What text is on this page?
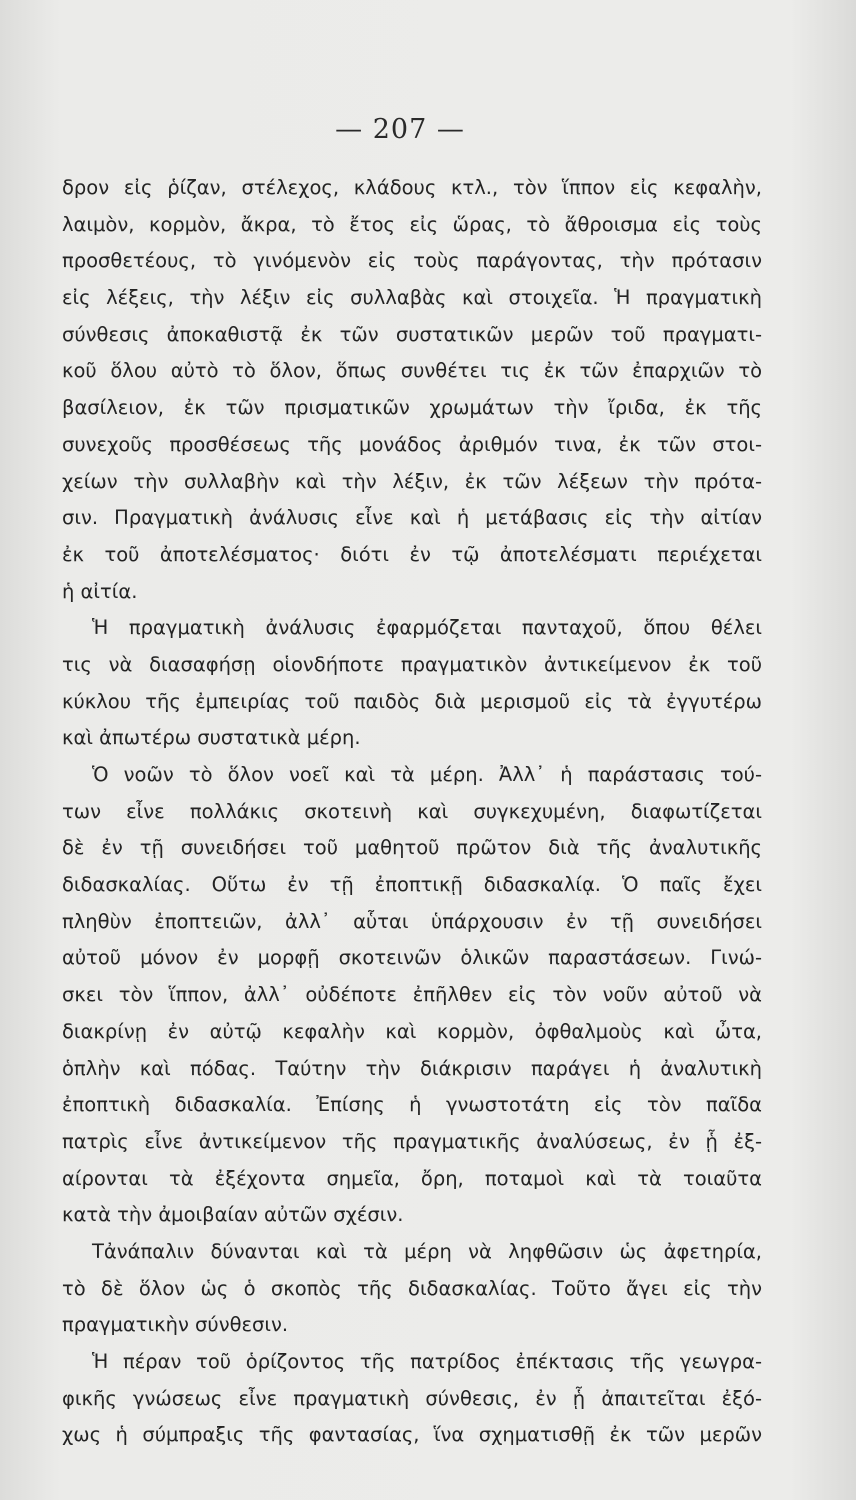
— 207 —
δρον εἰς ῥίζαν, στέλεχος, κλάδους κτλ., τὸν ἵππον εἰς κεφαλὴν,
λαιμὸν, κορμὸν, ἄκρα, τὸ ἔτος εἰς ὥρας, τὸ ἄθροισμα εἰς τοὺς
προσθετέους, τὸ γινόμενὸν εἰς τοὺς παράγοντας, τὴν πρότασιν
εἰς λέξεις, τὴν λέξιν εἰς συλλαβὰς καὶ στοιχεῖα. Ἡ πραγματικὴ
σύνθεσις ἀποκαθιστᾷ ἐκ τῶν συστατικῶν μερῶν τοῦ πραγματι-
κοῦ ὅλου αὐτὸ τὸ ὅλον, ὅπως συνθέτει τις ἐκ τῶν ἐπαρχιῶν τὸ
βασίλειον, ἐκ τῶν πρισματικῶν χρωμάτων τὴν ἴριδα, ἐκ τῆς
συνεχοῦς προσθέσεως τῆς μονάδος ἀριθμόν τινα, ἐκ τῶν στοι-
χείων τὴν συλλαβὴν καὶ τὴν λέξιν, ἐκ τῶν λέξεων τὴν πρότα-
σιν. Πραγματικὴ ἀνάλυσις εἶνε καὶ ἡ μετάβασις εἰς τὴν αἰτίαν
ἐκ τοῦ ἀποτελέσματος· διότι ἐν τῷ ἀποτελέσματι περιέχεται
ἡ αἰτία.
Ἡ πραγματικὴ ἀνάλυσις ἐφαρμόζεται πανταχοῦ, ὅπου θέλει
τις νὰ διασαφήσῃ οἱονδήποτε πραγματικὸν ἀντικείμενον ἐκ τοῦ
κύκλου τῆς ἐμπειρίας τοῦ παιδὸς διὰ μερισμοῦ εἰς τὰ ἐγγυτέρω
καὶ ἀπωτέρω συστατικὰ μέρη.
Ὁ νοῶν τὸ ὅλον νοεῖ καὶ τὰ μέρη. Ἀλλ᾽ ἡ παράστασις τού-
των εἶνε πολλάκις σκοτεινὴ καὶ συγκεχυμένη, διαφωτίζεται
δὲ ἐν τῇ συνειδήσει τοῦ μαθητοῦ πρῶτον διὰ τῆς ἀναλυτικῆς
διδασκαλίας. Οὕτω ἐν τῇ ἐποπτικῇ διδασκαλίᾳ. Ὁ παῖς ἔχει
πληθὺν ἐποπτειῶν, ἀλλ᾽ αὗται ὑπάρχουσιν ἐν τῇ συνειδήσει
αὐτοῦ μόνον ἐν μορφῇ σκοτεινῶν ὁλικῶν παραστάσεων. Γινώ-
σκει τὸν ἵππον, ἀλλ᾽ οὐδέποτε ἐπῆλθεν εἰς τὸν νοῦν αὐτοῦ νὰ
διακρίνῃ ἐν αὐτῷ κεφαλὴν καὶ κορμὸν, ὀφθαλμοὺς καὶ ὦτα,
ὁπλὴν καὶ πόδας. Ταύτην τὴν διάκρισιν παράγει ἡ ἀναλυτικὴ
ἐποπτικὴ διδασκαλία. Ἐπίσης ἡ γνωστοτάτη εἰς τὸν παῖδα
πατρὶς εἶνε ἀντικείμενον τῆς πραγματικῆς ἀναλύσεως, ἐν ᾗ ἐξ-
αίρονται τὰ ἐξέχοντα σημεῖα, ὄρη, ποταμοὶ καὶ τὰ τοιαῦτα
κατὰ τὴν ἀμοιβαίαν αὐτῶν σχέσιν.
Τἀνάπαλιν δύνανται καὶ τὰ μέρη νὰ ληφθῶσιν ὡς ἀφετηρία,
τὸ δὲ ὅλον ὡς ὁ σκοπὸς τῆς διδασκαλίας. Τοῦτο ἄγει εἰς τὴν
πραγματικὴν σύνθεσιν.
Ἡ πέραν τοῦ ὁρίζοντος τῆς πατρίδος ἐπέκτασις τῆς γεωγρα-
φικῆς γνώσεως εἶνε πραγματικὴ σύνθεσις, ἐν ᾗ ἀπαιτεῖται ἐξό-
χως ἡ σύμπραξις τῆς φαντασίας, ἵνα σχηματισθῇ ἐκ τῶν μερῶν
